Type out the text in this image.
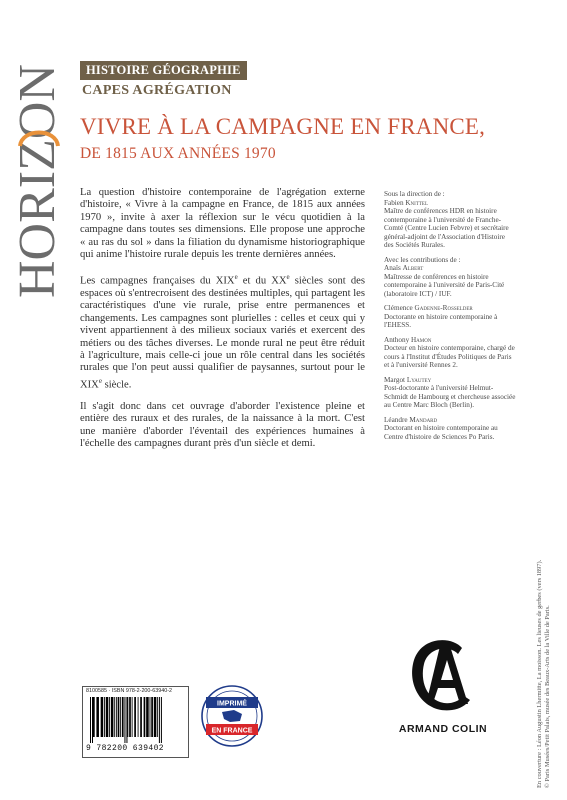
HORIZON	HISTOIRE GÉOGRAPHIE
CAPES AGRÉGATION
VIVRE À LA CAMPAGNE EN FRANCE,
DE 1815 AUX ANNÉES 1970

La question d'histoire contemporaine de l'agrégation externe d'histoire, « Vivre à la campagne en France, de 1815 aux années 1970 », invite à axer la réflexion sur le vécu quotidien à la campagne dans toutes ses dimensions. Elle propose une approche « au ras du sol » dans la filiation du dynamisme historiographique qui anime l'histoire rurale depuis les trente dernières années.

Les campagnes françaises du XIXe et du XXe siècles sont des espaces où s'entrecroisent des destinées multiples, qui partagent les caractéristiques d'une vie rurale, prise entre permanences et changements. Les campagnes sont plurielles : celles et ceux qui y vivent appartiennent à des milieux sociaux variés et exercent des métiers ou des tâches diverses. Le monde rural ne peut être réduit à l'agriculture, mais celle-ci joue un rôle central dans les sociétés rurales que l'on peut aussi qualifier de paysannes, surtout pour le XIXe siècle.

Il s'agit donc dans cet ouvrage d'aborder l'existence pleine et entière des ruraux et des rurales, de la naissance à la mort. C'est une manière d'aborder l'éventail des expériences humaines à l'échelle des campagnes durant près d'un siècle et demi.

Sous la direction de :
Fabien Knittel
Maître de conférences HDR en histoire contemporaine à l'université de Franche-Comté (Centre Lucien Febvre) et secrétaire général-adjoint de l'Association d'Histoire des Sociétés Rurales.
Avec les contributions de :
Anaïs Albert
Maîtresse de conférences en histoire contemporaine à l'université de Paris-Cité (laboratoire ICT) / IUF.
Clémence Gadenne-Rosselder
Doctorante en histoire contemporaine à l'EHESS.
Anthony Hamon
Docteur en histoire contemporaine, chargé de cours à l'Institut d'Études Politiques de Paris et à l'université Rennes 2.
Margot Lyautey
Post-doctorante à l'université Helmut-Schmidt de Hambourg et chercheuse associée au Centre Marc Bloch (Berlin).
Léandre Mandard
Doctorant en histoire contemporaine au Centre d'histoire de Sciences Po Paris.
En couverture : Léon Augustin Lhermitte, La moisson. Les lieuses de gerbes (vers 1897). © Paris Musées/Petit Palais, musée des Beaux-Arts de la Ville de Paris.
8100585 · ISBN 978-2-200-63940-2
9 782200 639402
IMPRIMÉ
EN FRANCE	ARMAND COLIN
